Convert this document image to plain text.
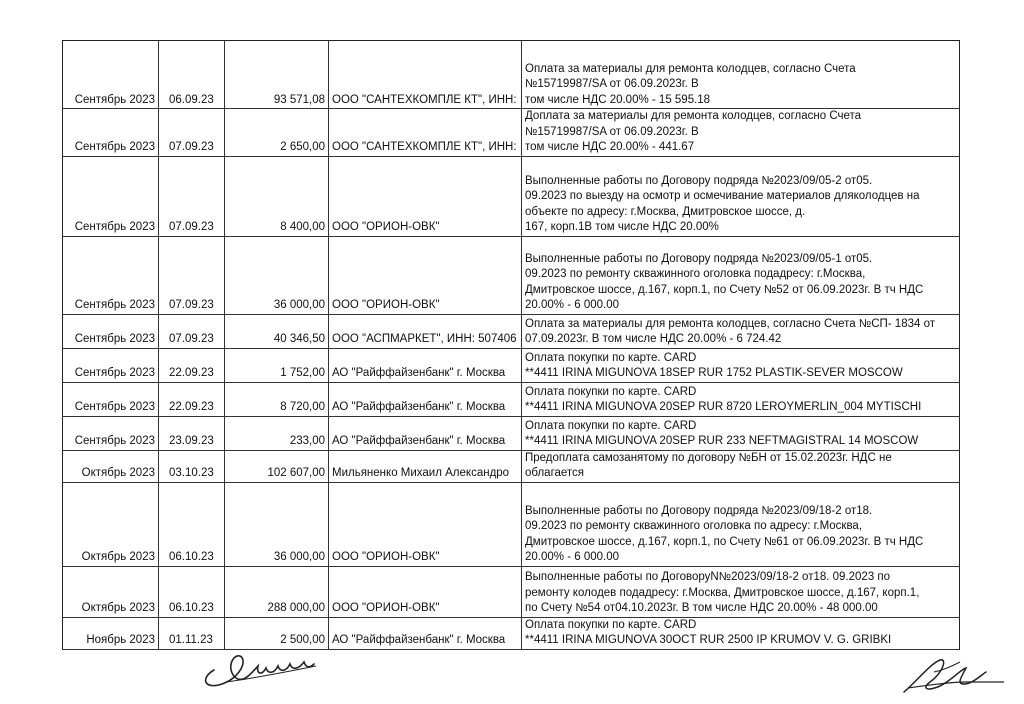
Сентябрь 2023	06.09.23	93 571,08	ООО "САНТЕХКОМПЛЕ КТ", ИНН:	Оплата за материалы для ремонта колодцев, согласно Счета
№15719987/SA от 06.09.2023г. В
том числе НДС 20.00% - 15 595.18

Сентябрь 2023	07.09.23	2 650,00	ООО "САНТЕХКОМПЛЕ КТ", ИНН:	Доплата за материалы для ремонта колодцев, согласно Счета
№15719987/SA от 06.09.2023г. В
том числе НДС 20.00% - 441.67

Сентябрь 2023	07.09.23	8 400,00	ООО "ОРИОН-ОВК"	Выполненные работы по Договору подряда №2023/09/05-2 от05.
09.2023 по выезду на осмотр и осмечивание материалов дляколодцев на
объекте по адресу: г.Москва, Дмитровское шоссе, д.
167, корп.1В том числе НДС 20.00%

Сентябрь 2023	07.09.23	36 000,00	ООО "ОРИОН-ОВК"	Выполненные работы по Договору подряда №2023/09/05-1 от05.
09.2023 по ремонту скважинного оголовка подадресу: г.Москва,
Дмитровское шоссе, д.167, корп.1, по Счету №52 от 06.09.2023г. В тч НДС
20.00% - 6 000.00

Сентябрь 2023	07.09.23	40 346,50	ООО "АСПМАРКЕТ", ИНН: 507406	Оплата за материалы для ремонта колодцев, согласно Счета №СП- 1834 от
07.09.2023г. В том числе НДС 20.00% - 6 724.42

Сентябрь 2023	22.09.23	1 752,00	АО "Райффайзенбанк" г. Москва	Оплата покупки по карте. CARD
**4411 IRINA MIGUNOVA 18SEP RUR 1752 PLASTIK-SEVER MOSCOW

Сентябрь 2023	22.09.23	8 720,00	АО "Райффайзенбанк" г. Москва	Оплата покупки по карте. CARD
**4411 IRINA MIGUNOVA 20SEP RUR 8720 LEROYMERLIN_004 MYTISCHI

Сентябрь 2023	23.09.23	233,00	АО "Райффайзенбанк" г. Москва	Оплата покупки по карте. CARD
**4411 IRINA MIGUNOVA 20SEP RUR 233 NEFTMAGISTRAL 14 MOSCOW

Октябрь 2023	03.10.23	102 607,00	Мильяненко Михаил Александро	Предоплата самозанятому по договору №БН от 15.02.2023г. НДС не
облагается

Октябрь 2023	06.10.23	36 000,00	ООО "ОРИОН-ОВК"	Выполненные работы по Договору подряда №2023/09/18-2 от18.
09.2023 по ремонту скважинного оголовка по адресу: г.Москва,
Дмитровское шоссе, д.167, корп.1, по Счету №61 от 06.09.2023г. В тч НДС
20.00% - 6 000.00

Октябрь 2023	06.10.23	288 000,00	ООО "ОРИОН-ОВК"	Выполненные работы по ДоговоруN№2023/09/18-2 от18. 09.2023 по
ремонту колодев подадресу: г.Москва, Дмитровское шоссе, д.167, корп.1,
по Счету №54 от04.10.2023г. В том числе НДС 20.00% - 48 000.00

Ноябрь 2023	01.11.23	2 500,00	АО "Райффайзенбанк" г. Москва	Оплата покупки по карте. CARD
**4411 IRINA MIGUNOVA 30OCT RUR 2500 IP KRUMOV V. G. GRIBKI
